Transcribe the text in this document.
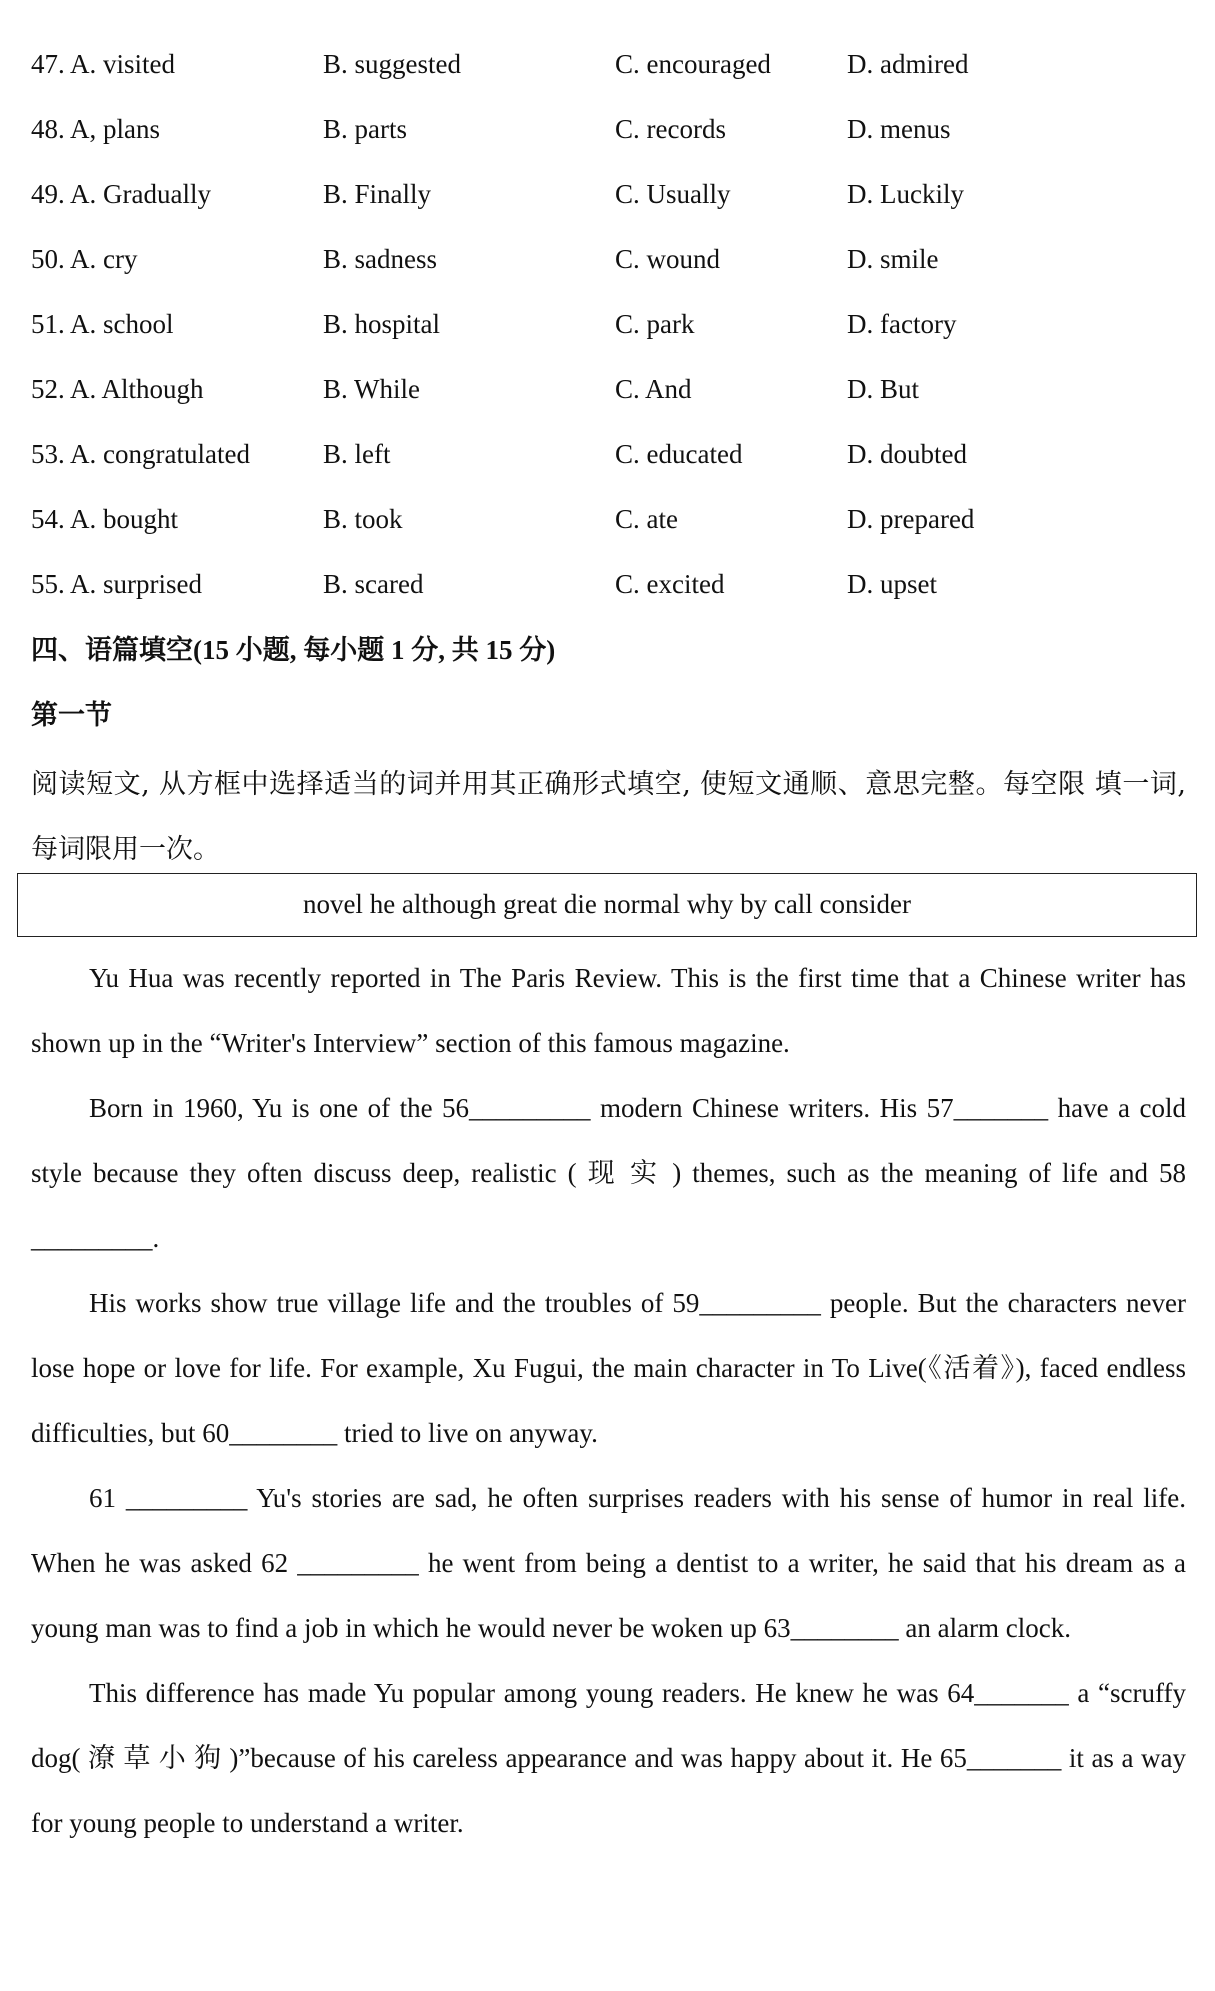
47. A. visited	B. suggested	C. encouraged	D. admired
48. A, plans	B. parts	C. records	D. menus
49. A. Gradually	B. Finally	C. Usually	D. Luckily
50. A. cry	B. sadness	C. wound	D. smile
51. A. school	B. hospital	C. park	D. factory
52. A. Although	B. While	C. And	D. But
53. A. congratulated	B. left	C. educated	D. doubted
54. A. bought	B. took	C. ate	D. prepared
55. A. surprised	B. scared	C. excited	D. upset
四、语篇填空(15 小题, 每小题 1 分, 共 15 分)
第一节
阅读短文, 从方框中选择适当的词并用其正确形式填空, 使短文通顺、意思完整。每空限 填一词, 每词限用一次。
novel he although great die normal why by call consider

Yu Hua was recently reported in The Paris Review. This is the first time that a Chinese writer has shown up in the “Writer's Interview” section of this famous magazine.

Born in 1960, Yu is one of the 56_________ modern Chinese writers. His 57_______ have a cold style because they often discuss deep, realistic ( 现 实 ) themes, such as the meaning of life and 58 _________.

His works show true village life and the troubles of 59_________ people. But the characters never lose hope or love for life. For example, Xu Fugui, the main character in To Live(《活着》), faced endless difficulties, but 60________ tried to live on anyway.

61 _________ Yu's stories are sad, he often surprises readers with his sense of humor in real life. When he was asked 62 _________ he went from being a dentist to a writer, he said that his dream as a young man was to find a job in which he would never be woken up 63________ an alarm clock.

This difference has made Yu popular among young readers. He knew he was 64_______ a “scruffy dog( 潦 草 小 狗 )”because of his careless appearance and was happy about it. He 65_______ it as a way for young people to understand a writer.
